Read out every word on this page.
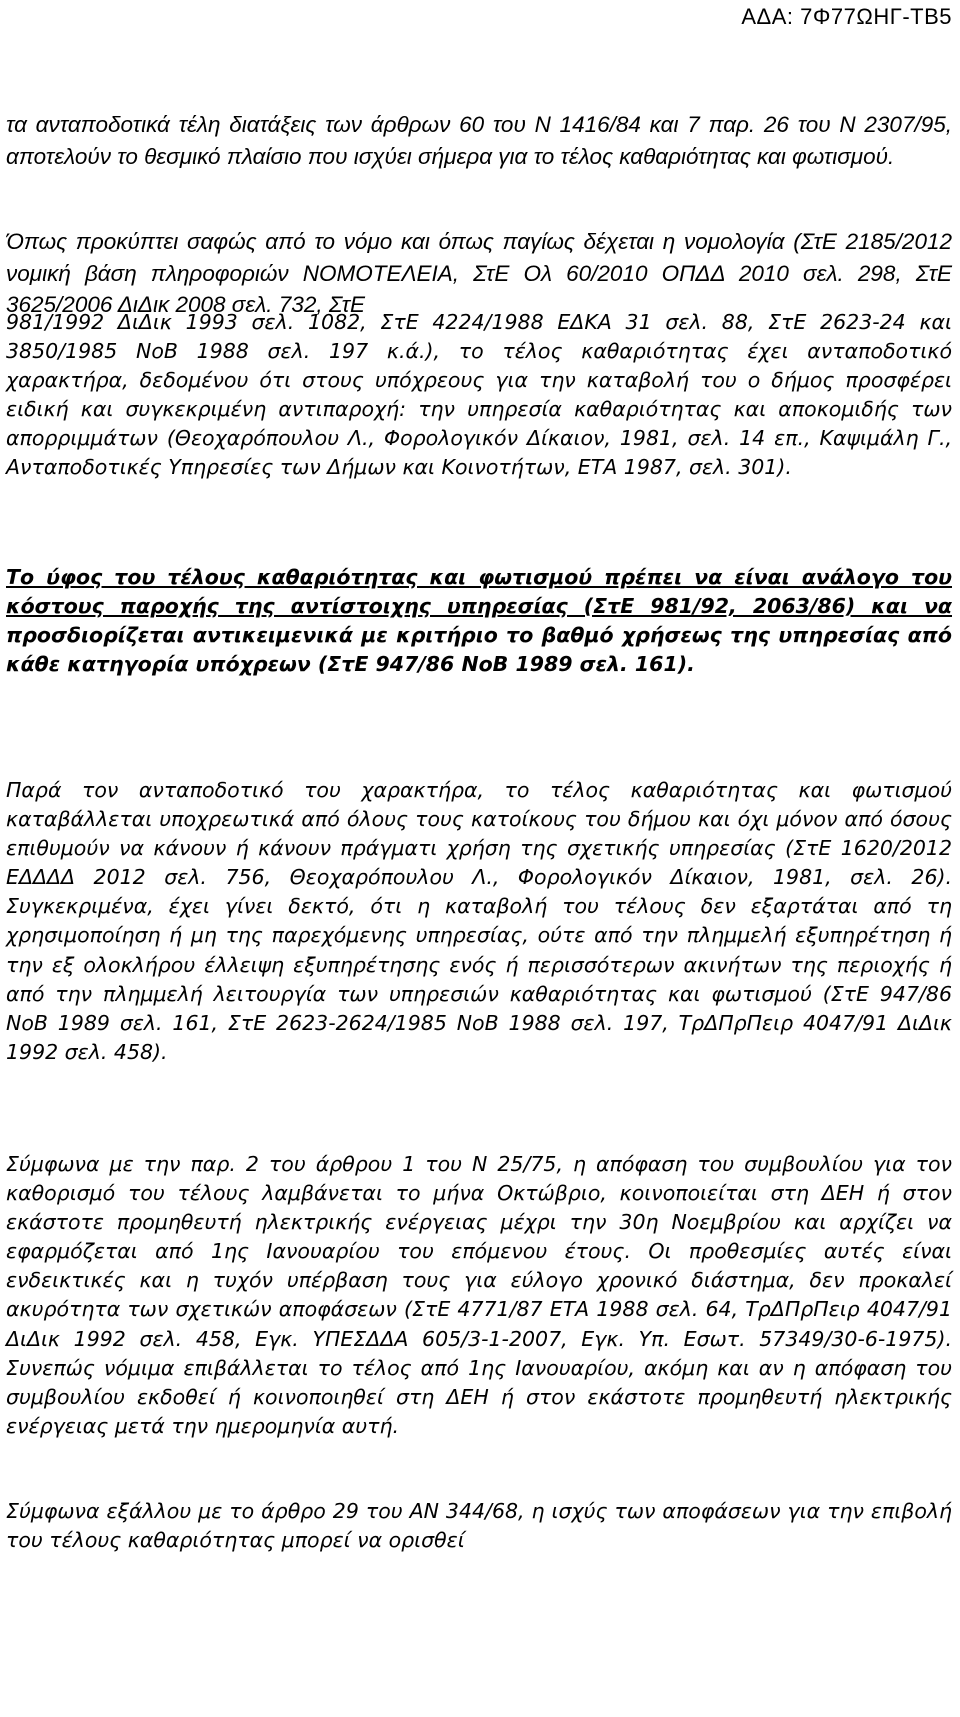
ΑΔΑ: 7Φ77ΩΗΓ-ΤΒ5

τα ανταποδοτικά τέλη διατάξεις των άρθρων 60 του Ν 1416/84 και 7 παρ. 26 του Ν 2307/95, αποτελούν το θεσμικό πλαίσιο που ισχύει σήμερα για το τέλος καθαριότητας και φωτισμού.

Όπως προκύπτει σαφώς από το νόμο και όπως παγίως δέχεται η νομολογία (ΣτΕ 2185/2012 νομική βάση πληροφοριών ΝΟΜΟΤΕΛΕΙΑ, ΣτΕ Ολ 60/2010 ΟΠΔΔ 2010 σελ. 298, ΣτΕ 3625/2006 ΔιΔικ 2008 σελ. 732, ΣτΕ

981/1992 ΔιΔικ 1993 σελ. 1082, ΣτΕ 4224/1988 ΕΔΚΑ 31 σελ. 88, ΣτΕ 2623-24 και 3850/1985 ΝοΒ 1988 σελ. 197 κ.ά.), το τέλος καθαριότητας έχει ανταποδοτικό χαρακτήρα, δεδομένου ότι στους υπόχρεους για την καταβολή του ο δήμος προσφέρει ειδική και συγκεκριμένη αντιπαροχή: την υπηρεσία καθαριότητας και αποκομιδής των απορριμμάτων (Θεοχαρόπουλου Λ., Φορολογικόν Δίκαιον, 1981, σελ. 14 επ., Καψιμάλη Γ., Ανταποδοτικές Υπηρεσίες των Δήμων και Κοινοτήτων, ΕΤΑ 1987, σελ. 301).

Το ύφος του τέλους καθαριότητας και φωτισμού πρέπει να είναι ανάλογο του κόστους παροχής της αντίστοιχης υπηρεσίας (ΣτΕ 981/92, 2063/86) και να προσδιορίζεται αντικειμενικά με κριτήριο το βαθμό χρήσεως της υπηρεσίας από κάθε κατηγορία υπόχρεων (ΣτΕ 947/86 ΝοΒ 1989 σελ. 161).

Παρά τον ανταποδοτικό του χαρακτήρα, το τέλος καθαριότητας και φωτισμού καταβάλλεται υποχρεωτικά από όλους τους κατοίκους του δήμου και όχι μόνον από όσους επιθυμούν να κάνουν ή κάνουν πράγματι χρήση της σχετικής υπηρεσίας (ΣτΕ 1620/2012 ΕΔΔΔΔ 2012 σελ. 756, Θεοχαρόπουλου Λ., Φορολογικόν Δίκαιον, 1981, σελ. 26). Συγκεκριμένα, έχει γίνει δεκτό, ότι η καταβολή του τέλους δεν εξαρτάται από τη χρησιμοποίηση ή μη της παρεχόμενης υπηρεσίας, ούτε από την πλημμελή εξυπηρέτηση ή την εξ ολοκλήρου έλλειψη εξυπηρέτησης ενός ή περισσότερων ακινήτων της περιοχής ή από την πλημμελή λειτουργία των υπηρεσιών καθαριότητας και φωτισμού (ΣτΕ 947/86 ΝοΒ 1989 σελ. 161, ΣτΕ 2623-2624/1985 ΝοΒ 1988 σελ. 197, ΤρΔΠρΠειρ 4047/91 ΔιΔικ 1992 σελ. 458).

Σύμφωνα με την παρ. 2 του άρθρου 1 του Ν 25/75, η απόφαση του συμβουλίου για τον καθορισμό του τέλους λαμβάνεται το μήνα Οκτώβριο, κοινοποιείται στη ΔΕΗ ή στον εκάστοτε προμηθευτή ηλεκτρικής ενέργειας μέχρι την 30η Νοεμβρίου και αρχίζει να εφαρμόζεται από 1ης Ιανουαρίου του επόμενου έτους. Οι προθεσμίες αυτές είναι ενδεικτικές και η τυχόν υπέρβαση τους για εύλογο χρονικό διάστημα, δεν προκαλεί ακυρότητα των σχετικών αποφάσεων (ΣτΕ 4771/87 ΕΤΑ 1988 σελ. 64, ΤρΔΠρΠειρ 4047/91 ΔιΔικ 1992 σελ. 458, Εγκ. ΥΠΕΣΔΔΑ 605/3-1-2007, Εγκ. Υπ. Εσωτ. 57349/30-6-1975). Συνεπώς νόμιμα επιβάλλεται το τέλος από 1ης Ιανουαρίου, ακόμη και αν η απόφαση του συμβουλίου εκδοθεί ή κοινοποιηθεί στη ΔΕΗ ή στον εκάστοτε προμηθευτή ηλεκτρικής ενέργειας μετά την ημερομηνία αυτή.

Σύμφωνα εξάλλου με το άρθρο 29 του ΑΝ 344/68, η ισχύς των αποφάσεων για την επιβολή του τέλους καθαριότητας μπορεί να ορισθεί
